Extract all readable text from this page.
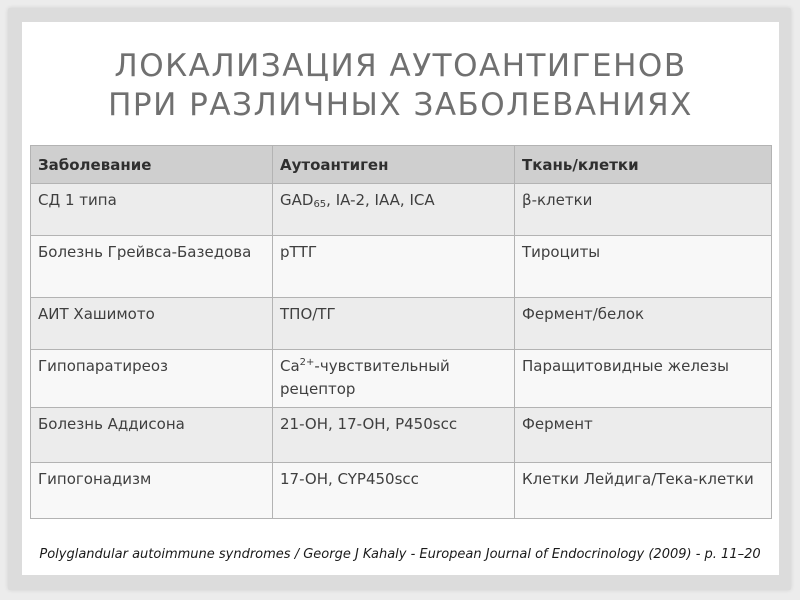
ЛОКАЛИЗАЦИЯ АУТОАНТИГЕНОВ
ПРИ РАЗЛИЧНЫХ ЗАБОЛЕВАНИЯХ
Заболевание	Аутоантиген	Ткань/клетки
СД 1 типа	GAD65, IA-2, IAA, ICA	β-клетки
Болезнь Грейвса-Базедова	рТТГ	Тироциты
АИТ Хашимото	ТПО/ТГ	Фермент/белок
Гипопаратиреоз	$Ca^{2+}$-чувствительный рецептор	Паращитовидные железы
Болезнь Аддисона	21-OH, 17-OH, P450scc	Фермент
Гипогонадизм	17-OH, CYP450scc	Клетки Лейдига/Тека-клетки
Polyglandular autoimmune syndromes / George J Kahaly - European Journal of Endocrinology (2009) - p. 11–20
